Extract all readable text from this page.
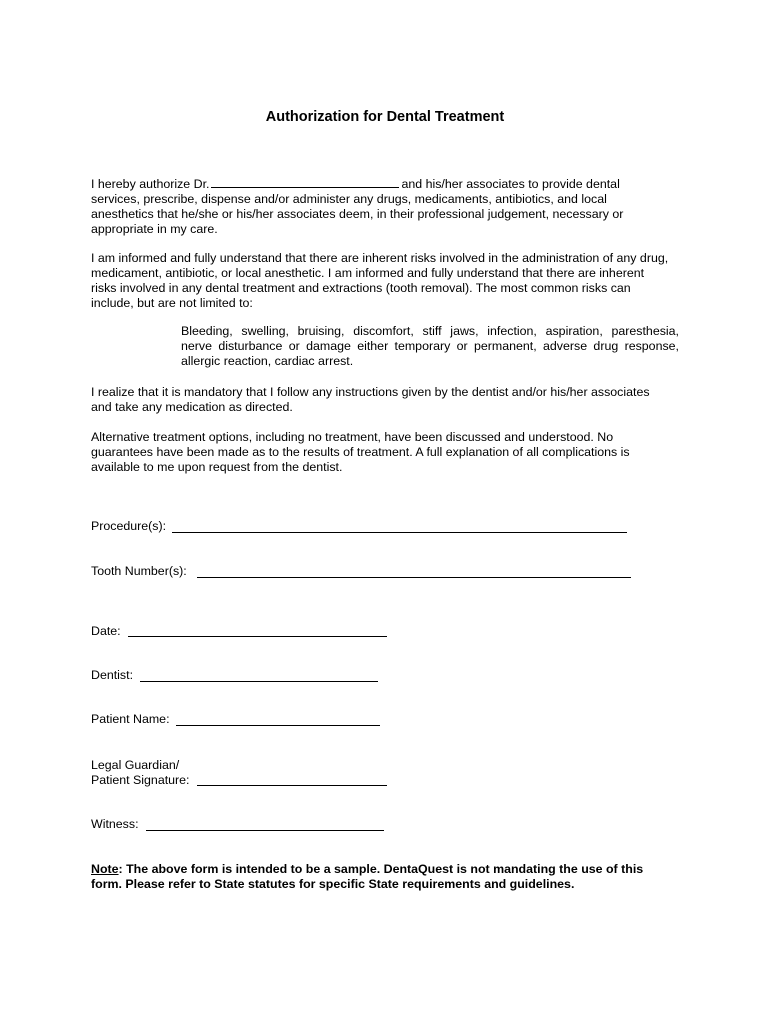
Authorization for Dental Treatment
I hereby authorize Dr.	and his/her associates to provide dental
services, prescribe, dispense and/or administer any drugs, medicaments, antibiotics, and local
anesthetics that he/she or his/her associates deem, in their professional judgement, necessary or
appropriate in my care.
I am informed and fully understand that there are inherent risks involved in the administration of any drug,
medicament, antibiotic, or local anesthetic. I am informed and fully understand that there are inherent
risks involved in any dental treatment and extractions (tooth removal). The most common risks can
include, but are not limited to:
Bleeding, swelling, bruising, discomfort, stiff jaws, infection, aspiration, paresthesia,
nerve disturbance or damage either temporary or permanent, adverse drug response,
allergic reaction, cardiac arrest.
I realize that it is mandatory that I follow any instructions given by the dentist and/or his/her associates
and take any medication as directed.
Alternative treatment options, including no treatment, have been discussed and understood. No
guarantees have been made as to the results of treatment. A full explanation of all complications is
available to me upon request from the dentist.
Procedure(s):
Tooth Number(s):
Date:
Dentist:
Patient Name:
Legal Guardian/
Patient Signature:
Witness:
Note: The above form is intended to be a sample. DentaQuest is not mandating the use of this
form. Please refer to State statutes for specific State requirements and guidelines.
